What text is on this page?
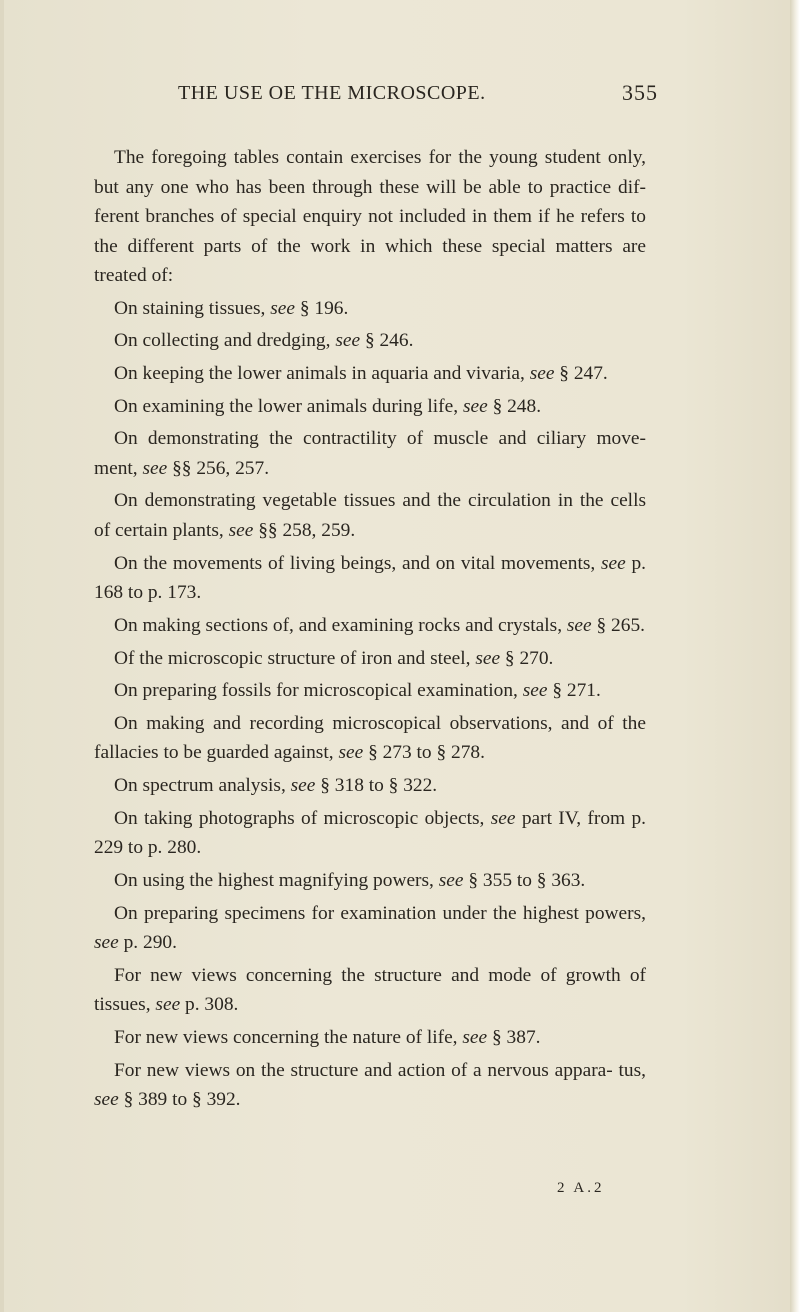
THE USE OE THE MICROSCOPE.	355

The foregoing tables contain exercises for the young student only, but any one who has been through these will be able to practice dif- ferent branches of special enquiry not included in them if he refers to the different parts of the work in which these special matters are treated of:

On staining tissues, see § 196.

On collecting and dredging, see § 246.

On keeping the lower animals in aquaria and vivaria, see § 247.

On examining the lower animals during life, see § 248.

On demonstrating the contractility of muscle and ciliary move- ment, see §§ 256, 257.

On demonstrating vegetable tissues and the circulation in the cells of certain plants, see §§ 258, 259.

On the movements of living beings, and on vital movements, see p. 168 to p. 173.

On making sections of, and examining rocks and crystals, see § 265.

Of the microscopic structure of iron and steel, see § 270.

On preparing fossils for microscopical examination, see § 271.

On making and recording microscopical observations, and of the fallacies to be guarded against, see § 273 to § 278.

On spectrum analysis, see § 318 to § 322.

On taking photographs of microscopic objects, see part IV, from p. 229 to p. 280.

On using the highest magnifying powers, see § 355 to § 363.

On preparing specimens for examination under the highest powers, see p. 290.

For new views concerning the structure and mode of growth of tissues, see p. 308.

For new views concerning the nature of life, see § 387.

For new views on the structure and action of a nervous appara- tus, see § 389 to § 392.

2 A.2
